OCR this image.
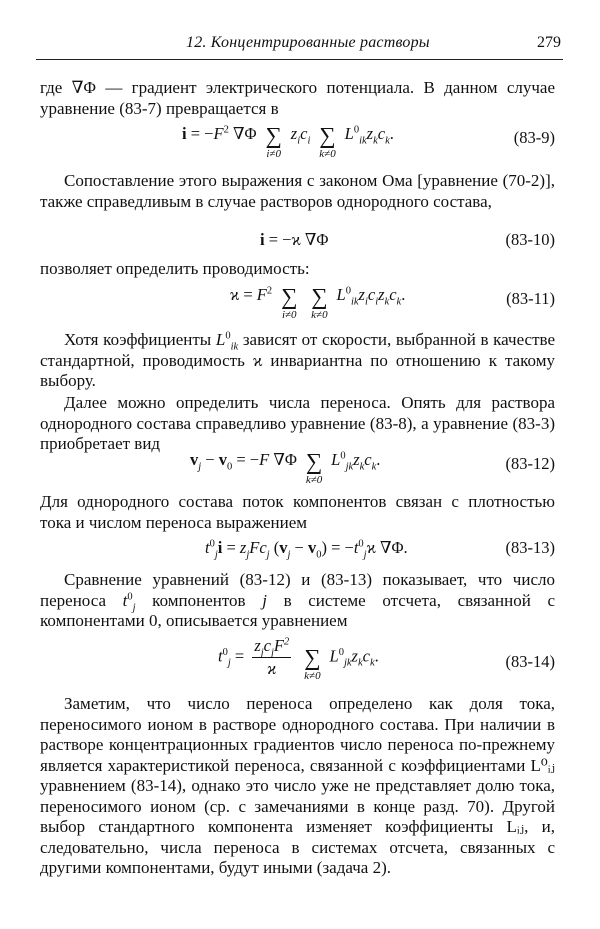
12. Концентрированные растворы	279

где ∇Φ — градиент электрического потенциала. В данном случае уравнение (83-7) превращается в

$i = -F^2$ ∇Φ ∑
i≠0
$z_ic_i$ ∑
k≠0
$L^0_{ik}z_kc_k$.	(83-9)

Сопоставление этого выражения с законом Ома [уравнение (70-2)], также справедливым в случае растворов однородного состава,

i = −ϰ ∇Φ	(83-10)

позволяет определить проводимость:

$ϰ = F^2$ ∑
i≠0
∑
k≠0
$L^0_{ik}z_ic_iz_kc_k$.	(83-11)

Хотя коэффициенты $L^0_{ik}$ зависят от скорости, выбранной в качестве стандартной, проводимость ϰ инвариантна по отношению к такому выбору.

Далее можно определить числа переноса. Опять для раствора однородного состава справедливо уравнение (83-8), а уравнение (83-3) приобретает вид

$v_j - v_0 = -F$ ∇Φ ∑
k≠0
$L^0_{jk}z_kc_k$.	(83-12)

Для однородного состава поток компонентов связан с плотностью тока и числом переноса выражением

$t^0_ji = z_jFc_j$ $(v_j - v_0) = -t^0_jϰ$ ∇Φ.	(83-13)

Сравнение уравнений (83-12) и (83-13) показывает, что число переноса $t^0_j$ компонентов j в системе отсчета, связанной с компонентами 0, описывается уравнением

$t^0_j = \frac{z_jc_jF^2}{ϰ}$ ∑
k≠0
$L^0_{jk}z_kc_k$.	(83-14)

Заметим, что число переноса определено как доля тока, переносимого ионом в растворе однородного состава. При наличии в растворе концентрационных градиентов число переноса по-прежнему является характеристикой переноса, связанной с коэффициентами L⁰ᵢⱼ уравнением (83-14), однако это число уже не представляет долю тока, переносимого ионом (ср. с замечаниями в конце разд. 70). Другой выбор стандартного компонента изменяет коэффициенты Lᵢⱼ, и, следовательно, числа переноса в системах отсчета, связанных с другими компонентами, будут иными (задача 2).
